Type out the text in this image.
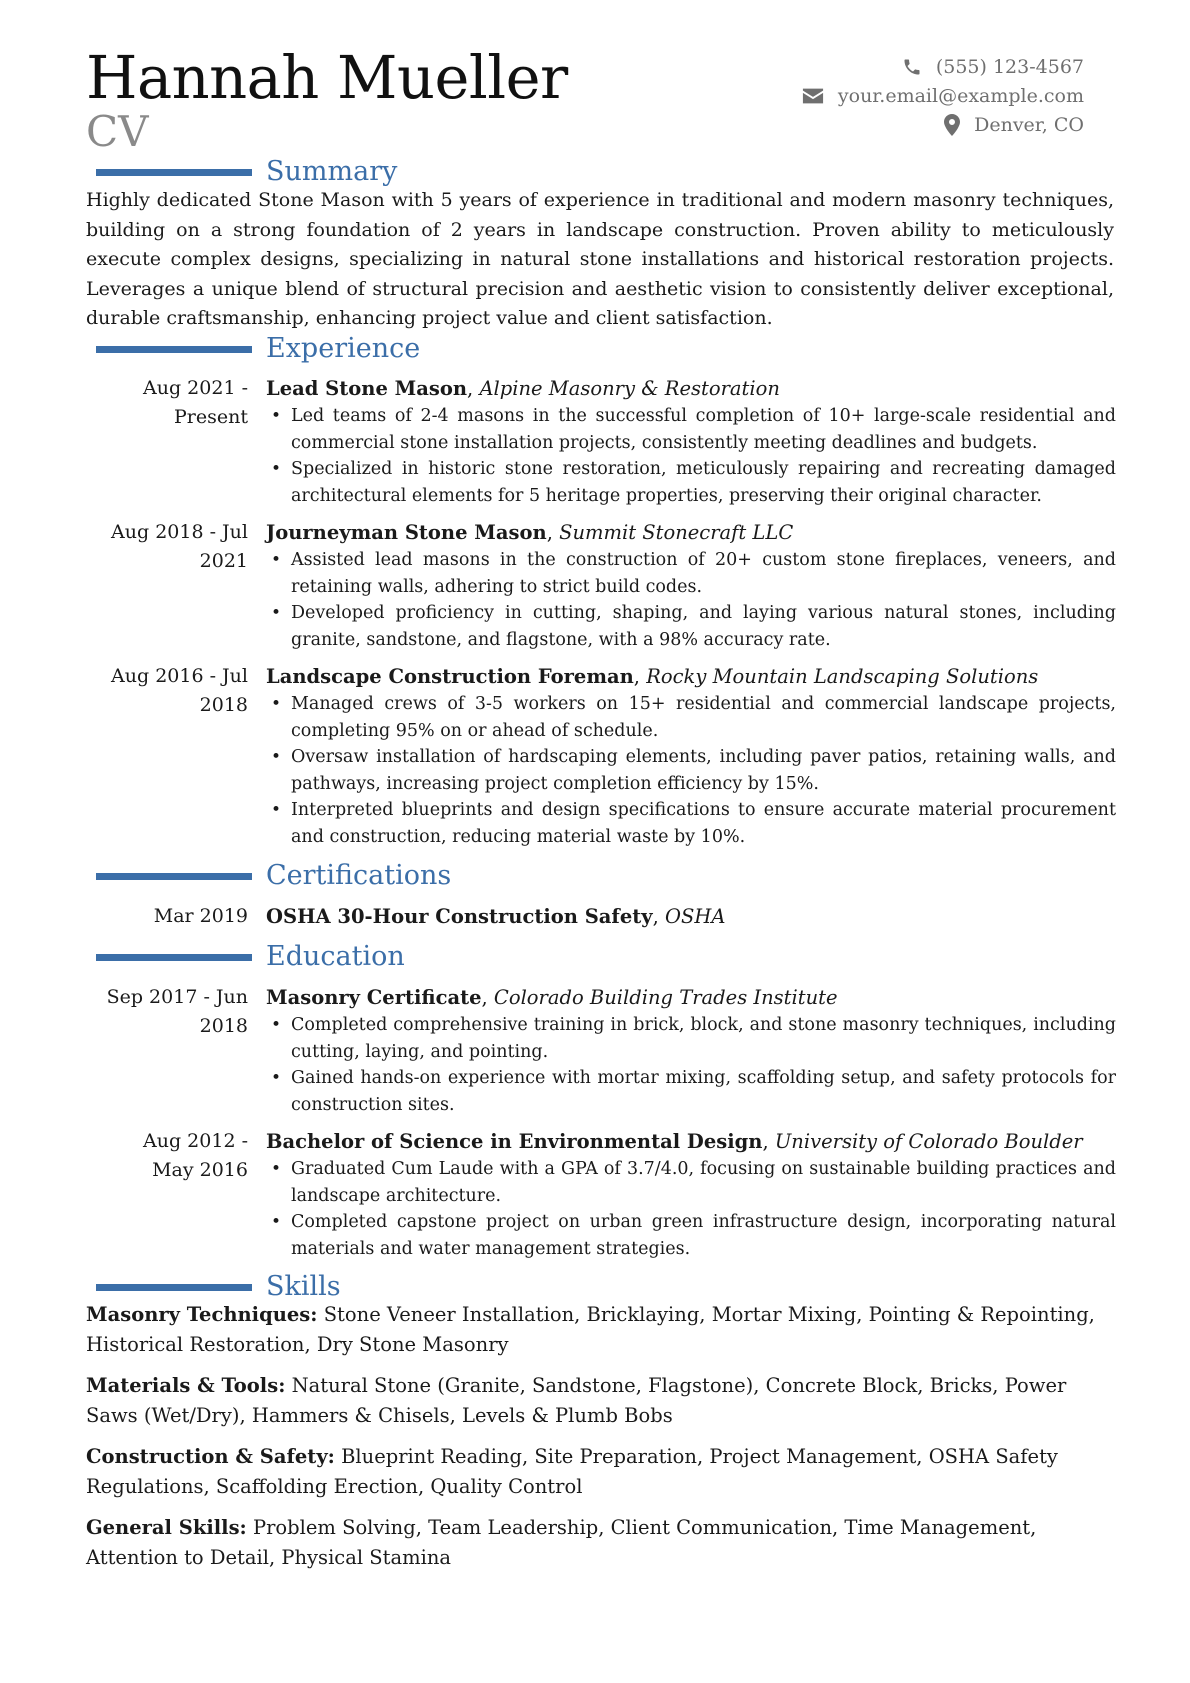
Hannah Mueller
CV
(555) 123-4567
your.email@example.com
Denver, CO
Summary
Highly dedicated Stone Mason with 5 years of experience in traditional and modern masonry techniques, building on a strong foundation of 2 years in landscape construction. Proven ability to meticulously execute complex designs, specializing in natural stone installations and historical restoration projects. Leverages a unique blend of structural precision and aesthetic vision to consistently deliver exceptional, durable craftsmanship, enhancing project value and client satisfaction.
Experience
Aug 2021 -
Present
Lead Stone Mason, Alpine Masonry & Restoration
• Led teams of 2-4 masons in the successful completion of 10+ large-scale residential and commercial stone installation projects, consistently meeting deadlines and budgets.
• Specialized in historic stone restoration, meticulously repairing and recreating damaged architectural elements for 5 heritage properties, preserving their original character.
Aug 2018 - Jul
2021
Journeyman Stone Mason, Summit Stonecraft LLC
• Assisted lead masons in the construction of 20+ custom stone fireplaces, veneers, and retaining walls, adhering to strict build codes.
• Developed proficiency in cutting, shaping, and laying various natural stones, including granite, sandstone, and flagstone, with a 98% accuracy rate.
Aug 2016 - Jul
2018
Landscape Construction Foreman, Rocky Mountain Landscaping Solutions
• Managed crews of 3-5 workers on 15+ residential and commercial landscape projects, completing 95% on or ahead of schedule.
• Oversaw installation of hardscaping elements, including paver patios, retaining walls, and pathways, increasing project completion efficiency by 15%.
• Interpreted blueprints and design specifications to ensure accurate material procurement and construction, reducing material waste by 10%.
Certifications
Mar 2019 OSHA 30-Hour Construction Safety, OSHA
Education
Sep 2017 - Jun
2018
Masonry Certificate, Colorado Building Trades Institute
• Completed comprehensive training in brick, block, and stone masonry techniques, including cutting, laying, and pointing.
• Gained hands-on experience with mortar mixing, scaffolding setup, and safety protocols for construction sites.
Aug 2012 -
May 2016
Bachelor of Science in Environmental Design, University of Colorado Boulder
• Graduated Cum Laude with a GPA of 3.7/4.0, focusing on sustainable building practices and landscape architecture.
• Completed capstone project on urban green infrastructure design, incorporating natural materials and water management strategies.
Skills
Masonry Techniques: Stone Veneer Installation, Bricklaying, Mortar Mixing, Pointing & Repointing, Historical Restoration, Dry Stone Masonry
Materials & Tools: Natural Stone (Granite, Sandstone, Flagstone), Concrete Block, Bricks, Power Saws (Wet/Dry), Hammers & Chisels, Levels & Plumb Bobs
Construction & Safety: Blueprint Reading, Site Preparation, Project Management, OSHA Safety Regulations, Scaffolding Erection, Quality Control
General Skills: Problem Solving, Team Leadership, Client Communication, Time Management, Attention to Detail, Physical Stamina
